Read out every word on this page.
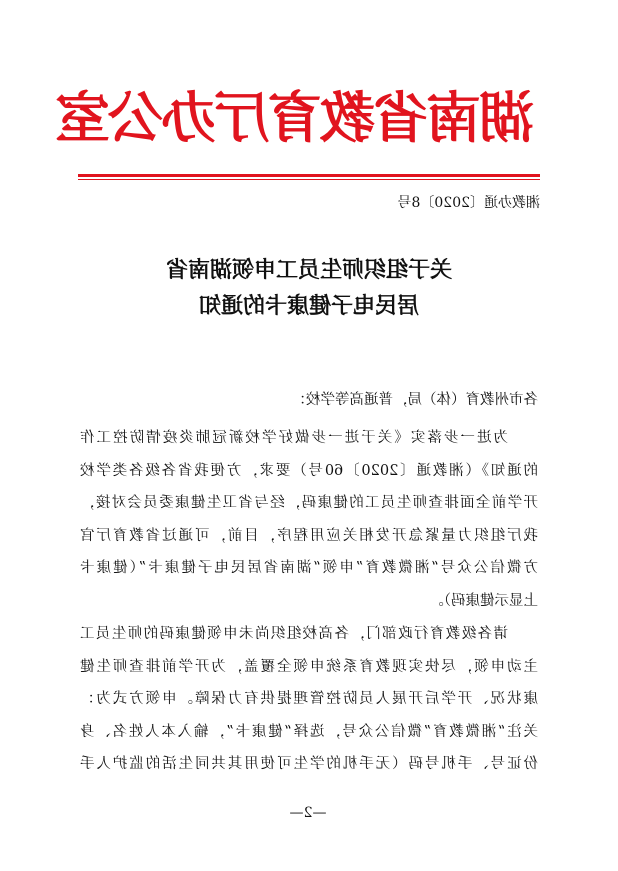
湖南省教育厅办公室
湘教办通〔2020〕8号
关于组织师生员工申领湖南省
居民电子健康卡的通知
各市州教育（体）局，普通高等学校：
为进一步落实《关于进一步做好学校新冠肺炎疫情防控工作
的通知》（湘教通〔2020〕60号）要求，方便我省各级各类学校
开学前全面排查师生员工的健康码，经与省卫生健康委员会对接，
我厅组织力量紧急开发相关应用程序，目前，可通过省教育厅官
方微信公众号“湘微教育”申领“湖南省居民电子健康卡”（健康卡
上显示健康码）。
请各级教育行政部门，各高校组织尚未申领健康码的师生员工
主动申领，尽快实现教育系统申领全覆盖，为开学前排查师生健
康状况、开学后开展人员防控管理提供有力保障。申领方式为：
关注“湘微教育”微信公众号，选择“健康卡”，输入本人姓名、身
份证号、手机号码（无手机的学生可使用其共同生活的监护人手
—2—
